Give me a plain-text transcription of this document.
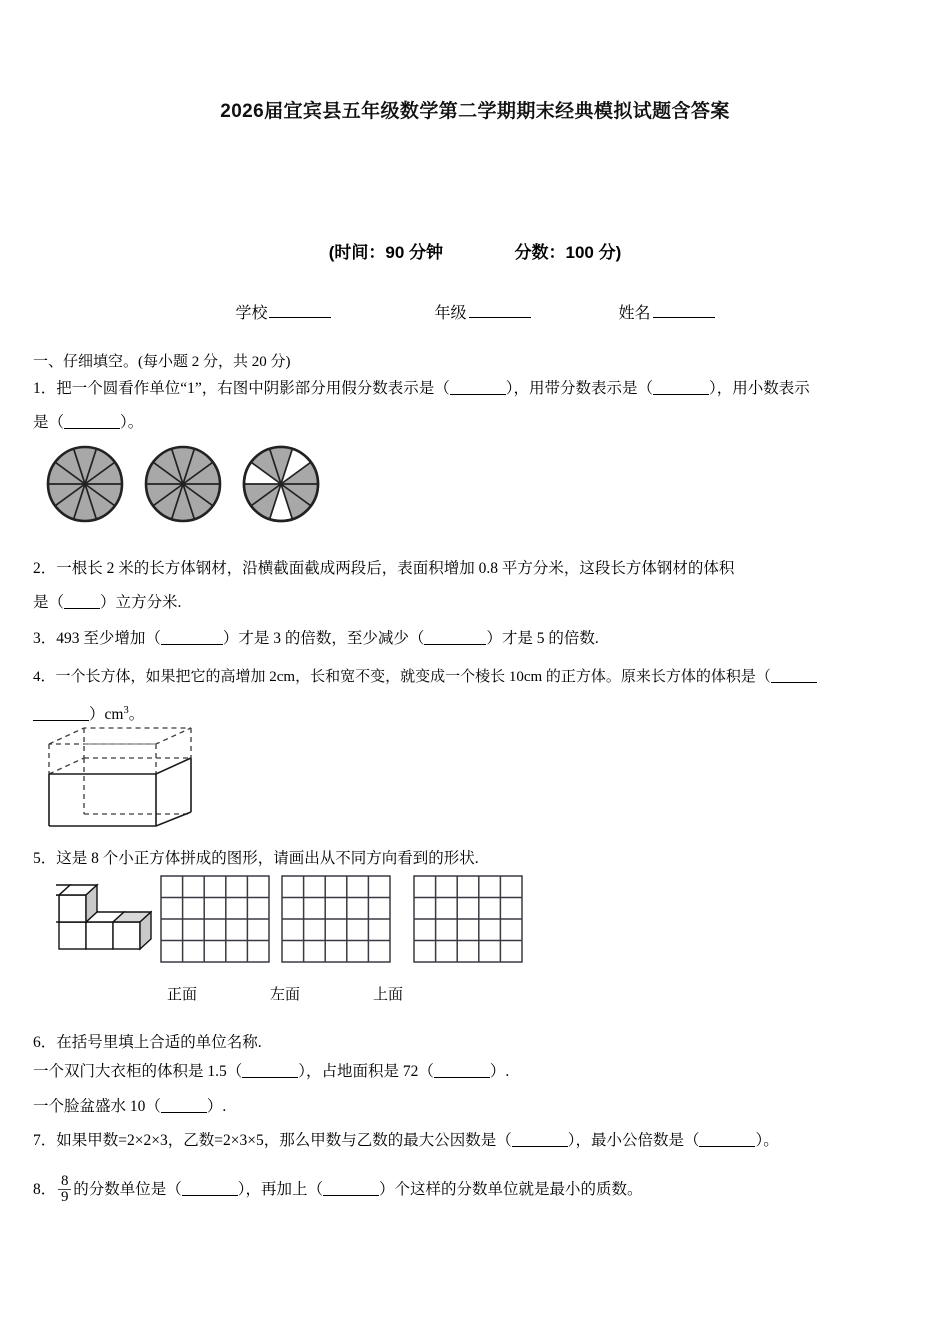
2026届宜宾县五年级数学第二学期期末经典模拟试题含答案
(时间：90 分钟	分数：100 分)
学校	年级	姓名
一、仔细填空。(每小题 2 分，共 20 分)
1．把一个圆看作单位“1”，右图中阴影部分用假分数表示是（	），用带分数表示是（	），用小数表示
是（	）。
2．一根长 2 米的长方体钢材，沿横截面截成两段后，表面积增加 0.8 平方分米，这段长方体钢材的体积
是（ ）立方分米.
3．493 至少增加（	）才是 3 的倍数，至少减少（	）才是 5 的倍数.
4．一个长方体，如果把它的高增加 2cm，长和宽不变，就变成一个棱长 10cm 的正方体。原来长方体的体积是（
）$cm^3$。
5．这是 8 个小正方体拼成的图形，请画出从不同方向看到的形状.
正面	左面	上面
6．在括号里填上合适的单位名称.
一个双门大衣柜的体积是 1.5（	），占地面积是 72（	）.
一个脸盆盛水 10（	）.
7．如果甲数=2×2×3，乙数=2×3×5，那么甲数与乙数的最大公因数是（	），最小公倍数是（	）。
8． $\frac{8}{9}$ 的分数单位是（	），再加上（	）个这样的分数单位就是最小的质数。
